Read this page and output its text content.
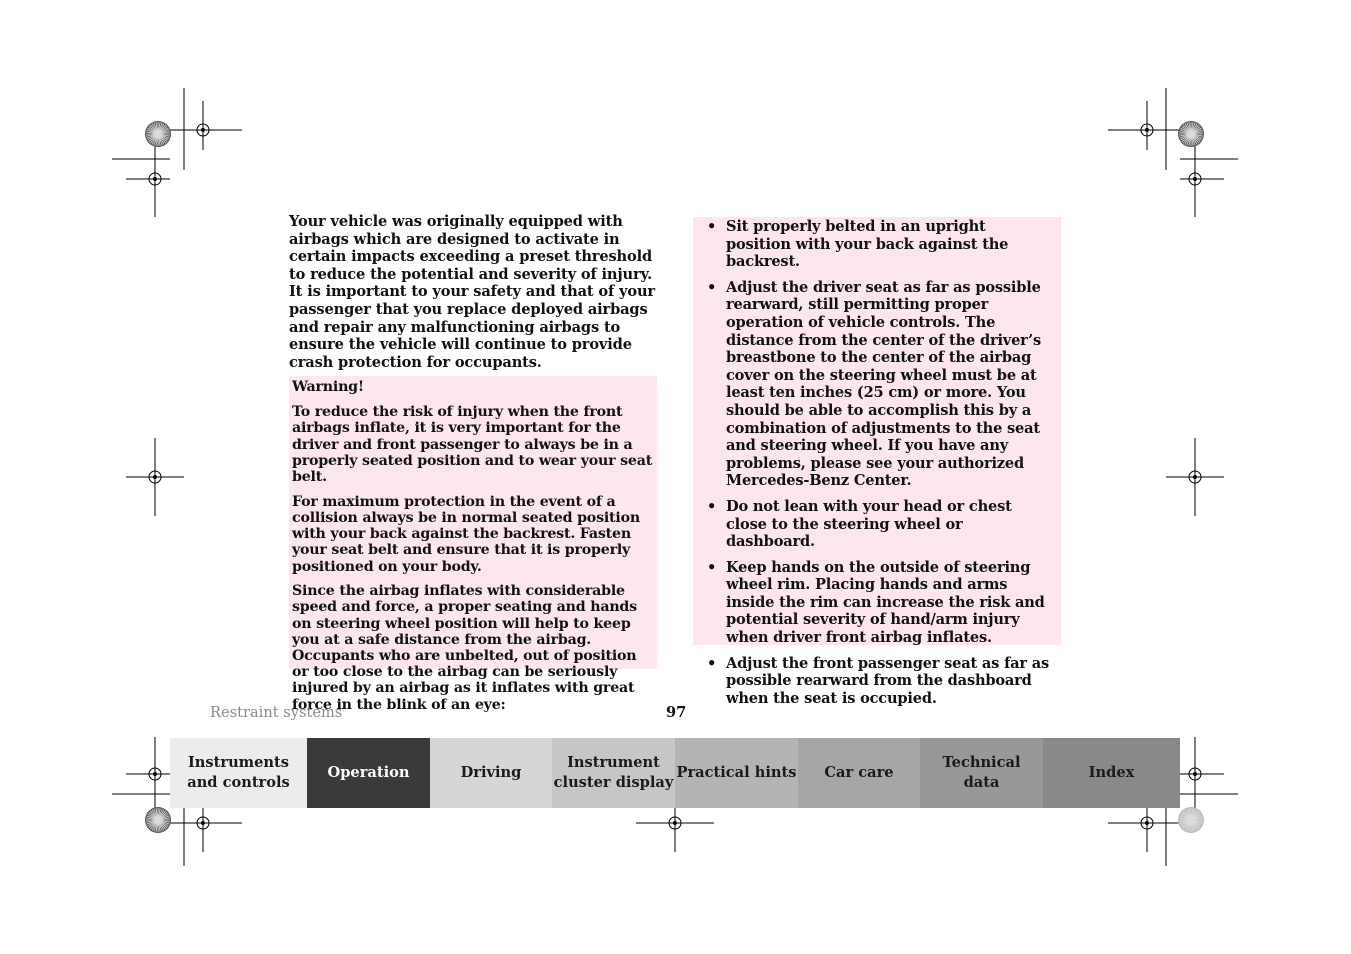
Your vehicle was originally equipped with airbags which are designed to activate in certain impacts exceeding a preset threshold to reduce the potential and severity of injury. It is important to your safety and that of your passenger that you replace deployed airbags and repair any malfunctioning airbags to ensure the vehicle will continue to provide crash protection for occupants.
Warning!

To reduce the risk of injury when the front airbags inflate, it is very important for the driver and front passenger to always be in a properly seated position and to wear your seat belt.

For maximum protection in the event of a collision always be in normal seated position with your back against the backrest. Fasten your seat belt and ensure that it is properly positioned on your body.

Since the airbag inflates with considerable speed and force, a proper seating and hands on steering wheel position will help to keep you at a safe distance from the airbag. Occupants who are unbelted, out of position or too close to the airbag can be seriously injured by an airbag as it inflates with great force in the blink of an eye:

• Sit properly belted in an upright position with your back against the backrest.
• Adjust the driver seat as far as possible rearward, still permitting proper operation of vehicle controls. The distance from the center of the driver’s breastbone to the center of the airbag cover on the steering wheel must be at least ten inches (25 cm) or more. You should be able to accomplish this by a combination of adjustments to the seat and steering wheel. If you have any problems, please see your authorized Mercedes-Benz Center.
• Do not lean with your head or chest close to the steering wheel or dashboard.
• Keep hands on the outside of steering wheel rim. Placing hands and arms inside the rim can increase the risk and potential severity of hand/arm injury when driver front airbag inflates.
• Adjust the front passenger seat as far as possible rearward from the dashboard when the seat is occupied.
Restraint systems	97
Instruments
and controls
Operation	Driving
Instrument
cluster display
Practical hints Car care
Technical
data
Index
